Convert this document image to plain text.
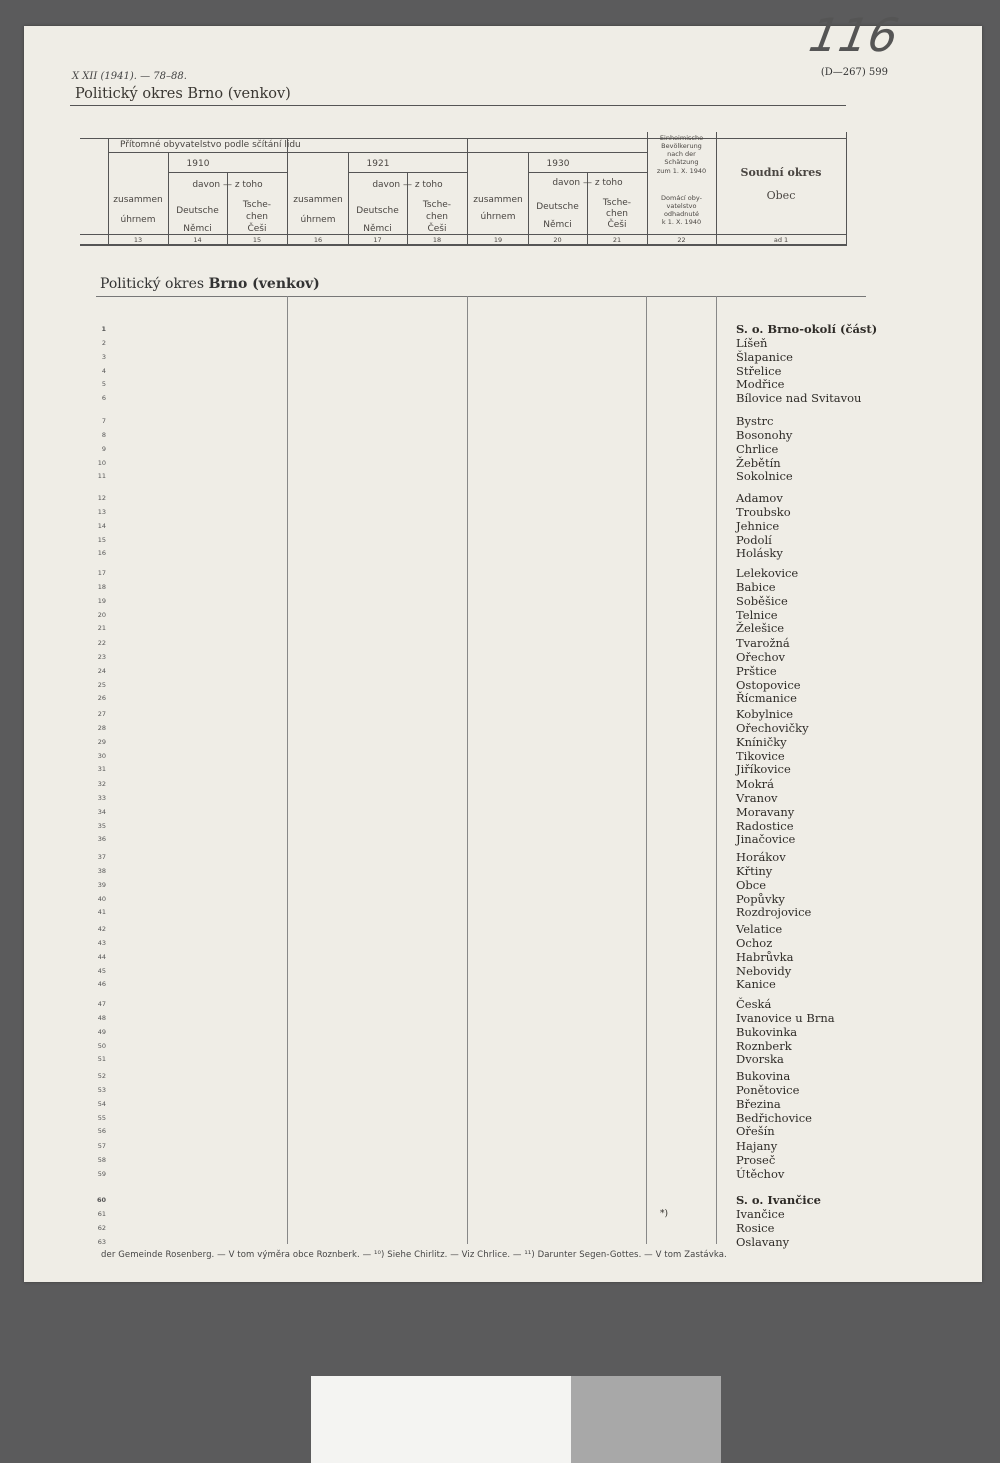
116
X XII (1941). — 78–88.	(D—267) 599
Politický okres Brno (venkov)
Přítomné obyvatelstvo podle sčítání lidu
1910	1921	1930
zusammen
úhrnem
davon — z toho
Deutsche
Němci
Tsche-
chen
Češi
zusammen
úhrnem
davon — z toho
Deutsche
Němci
Tsche-
chen
Češi
zusammen
úhrnem
davon — z toho
Deutsche
Němci
Tsche-
chen
Češi
Einheimische
Bevölkerung
nach der
Schätzung
zum 1. X. 1940
Domácí oby-
vatelstvo
odhadnuté
k 1. X. 1940
Soudní okres
Obec
13	14	15	16	17	18	19	20	21	22	ad 1
Politický okres Brno (venkov)
1	S. o. Brno-okolí (část)
2	Líšeň
3	Šlapanice
4	Střelice
5	Modřice
6	Bílovice nad Svitavou
7	Bystrc
8	Bosonohy
9	Chrlice
10	Žebětín
11	Sokolnice
12	Adamov
13	Troubsko
14	Jehnice
15	Podolí
16	Holásky
17	Lelekovice
18	Babice
19	Soběšice
20	Telnice
21	Želešice
22	Tvarožná
23	Ořechov
24	Prštice
25	Ostopovice
26	Řícmanice
27	Kobylnice
28	Ořechovičky
29	Kníničky
30	Tikovice
31	Jiříkovice
32	Mokrá
33	Vranov
34	Moravany
35	Radostice
36	Jinačovice
37	Horákov
38	Křtiny
39	Obce
40	Popůvky
41	Rozdrojovice
42	Velatice
43	Ochoz
44	Habrůvka
45	Nebovidy
46	Kanice
47	Česká
48	Ivanovice u Brna
49	Bukovinka
50	Roznberk
51	Dvorska
52	Bukovina
53	Ponětovice
54	Březina
55	Bedřichovice
56	Ořešín
57	Hajany
58	Proseč
59	Útěchov
60	S. o. Ivančice
61	*)	Ivančice
62	Rosice
63	Oslavany
der Gemeinde Rosenberg. — V tom výměra obce Roznberk. — ¹⁰) Siehe Chirlitz. — Viz Chrlice. — ¹¹) Darunter Segen-Gottes. — V tom Zastávka.
